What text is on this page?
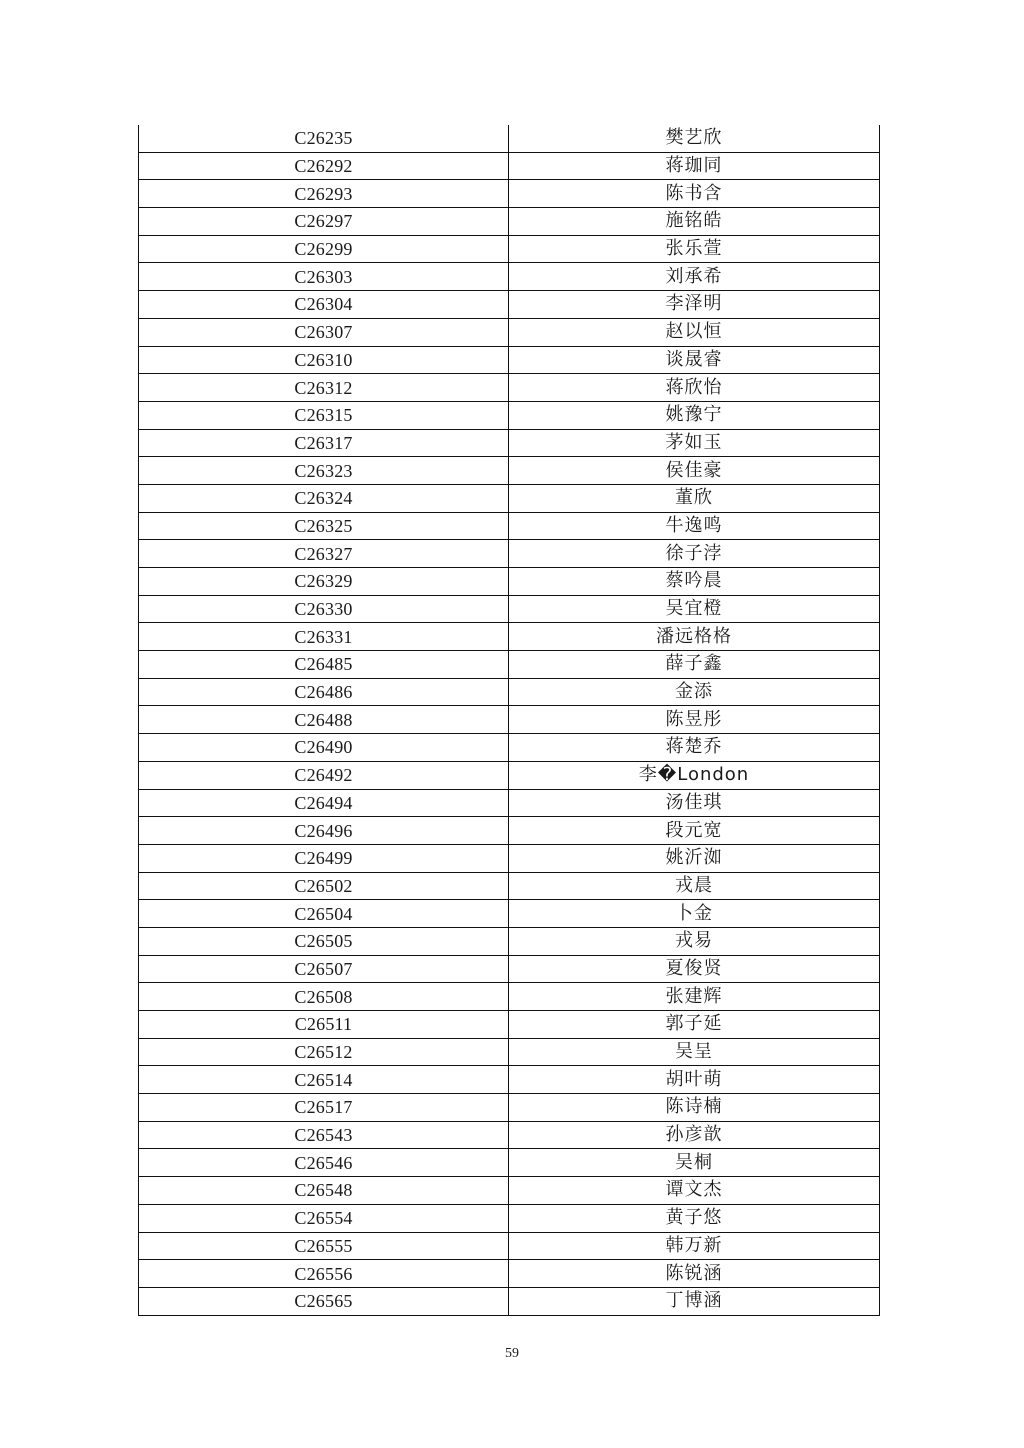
C26235	樊艺欣
C26292	蒋珈同
C26293	陈书含
C26297	施铭皓
C26299	张乐萱
C26303	刘承希
C26304	李泽明
C26307	赵以恒
C26310	谈晟睿
C26312	蒋欣怡
C26315	姚豫宁
C26317	茅如玉
C26323	侯佳豪
C26324	董欣
C26325	牛逸鸣
C26327	徐子浡
C26329	蔡吟晨
C26330	吴宜橙
C26331	潘远格格
C26485	薛子鑫
C26486	金添
C26488	陈昱彤
C26490	蒋楚乔
C26492	李�London
C26494	汤佳琪
C26496	段元宽
C26499	姚沂洳
C26502	戎晨
C26504	卜金
C26505	戎易
C26507	夏俊贤
C26508	张建辉
C26511	郭子延
C26512	吴呈
C26514	胡叶萌
C26517	陈诗楠
C26543	孙彦歆
C26546	吴桐
C26548	谭文杰
C26554	黄子悠
C26555	韩万新
C26556	陈锐涵
C26565	丁博涵
59
